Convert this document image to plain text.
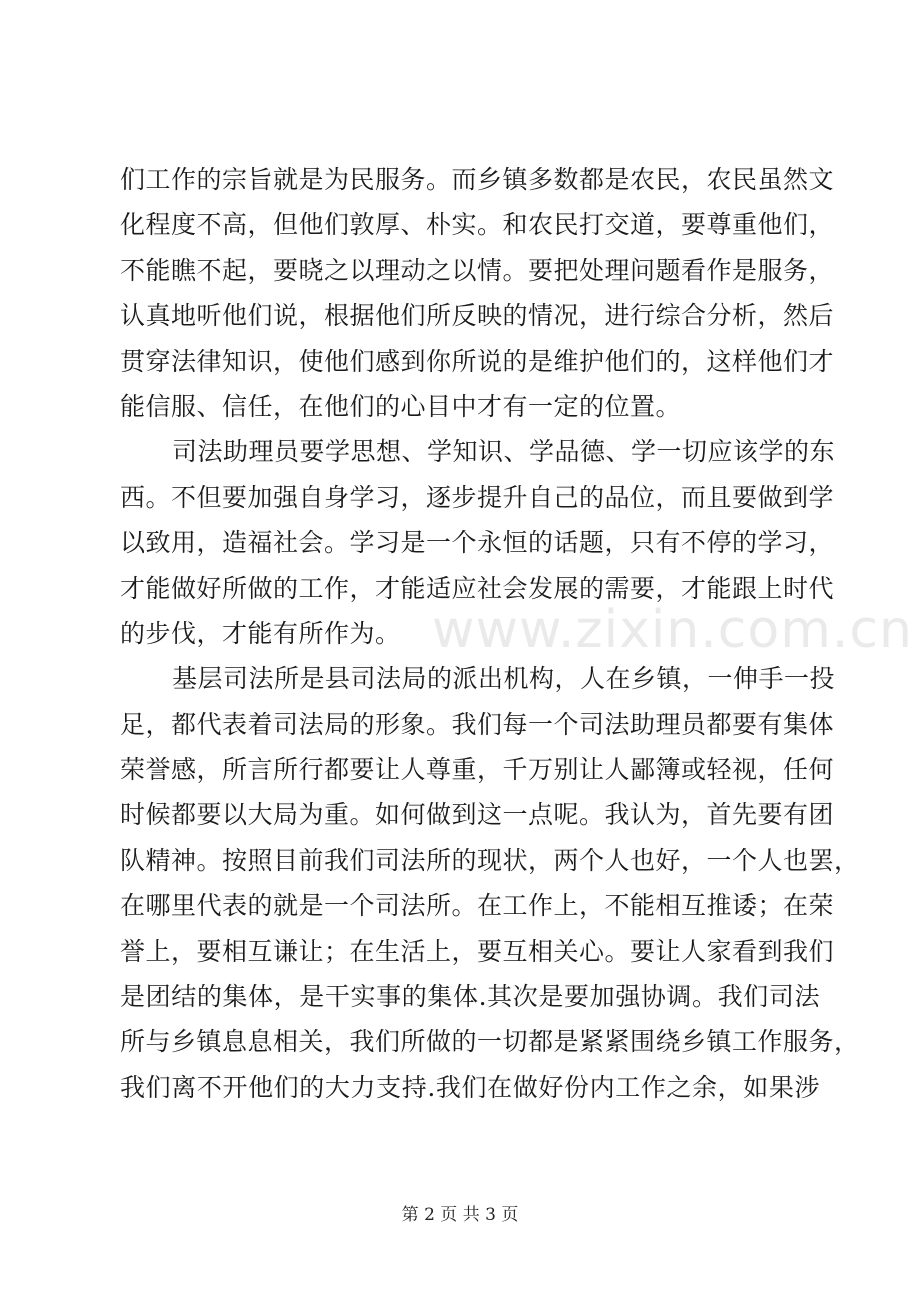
们工作的宗旨就是为民服务。而乡镇多数都是农民，农民虽然文
化程度不高，但他们敦厚、朴实。和农民打交道，要尊重他们，
不能瞧不起，要晓之以理动之以情。要把处理问题看作是服务，
认真地听他们说，根据他们所反映的情况，进行综合分析，然后
贯穿法律知识，使他们感到你所说的是维护他们的，这样他们才
能信服、信任，在他们的心目中才有一定的位置。
司法助理员要学思想、学知识、学品德、学一切应该学的东
西。不但要加强自身学习，逐步提升自己的品位，而且要做到学
以致用，造福社会。学习是一个永恒的话题，只有不停的学习，
才能做好所做的工作，才能适应社会发展的需要，才能跟上时代
的步伐，才能有所作为。
基层司法所是县司法局的派出机构，人在乡镇，一伸手一投
足，都代表着司法局的形象。我们每一个司法助理员都要有集体
荣誉感，所言所行都要让人尊重，千万别让人鄙簿或轻视，任何
时候都要以大局为重。如何做到这一点呢。我认为，首先要有团
队精神。按照目前我们司法所的现状，两个人也好，一个人也罢，
在哪里代表的就是一个司法所。在工作上，不能相互推诿；在荣
誉上，要相互谦让；在生活上，要互相关心。要让人家看到我们
是团结的集体，是干实事的集体.其次是要加强协调。我们司法
所与乡镇息息相关，我们所做的一切都是紧紧围绕乡镇工作服务，
我们离不开他们的大力支持.我们在做好份内工作之余，如果涉
www.zixin.com.cn
第 2 页 共 3 页
